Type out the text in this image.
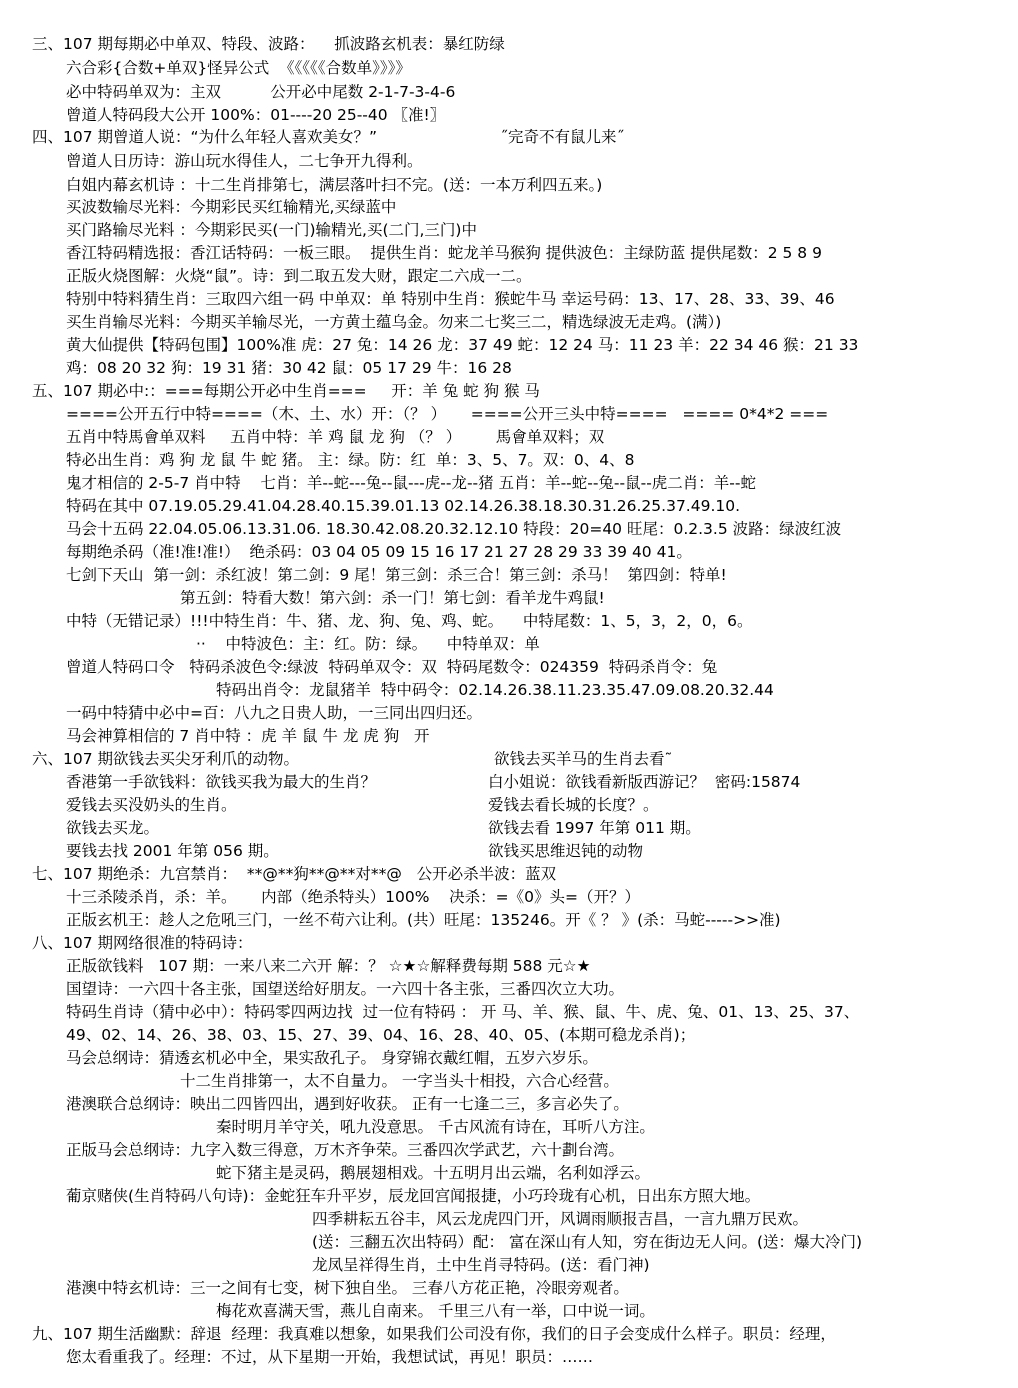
三、107 期每期必中单双、特段、波路：    抓波路玄机表：暴红防绿
六合彩{合数+单双}怪异公式  《《《《《合数单》》》》
必中特码单双为：主双          公开必中尾数 2-1-7-3-4-6
曾道人特码段大公开 100%：01----20 25--40 〖准!〗
四、107 期曾道人说：“为什么年轻人喜欢美女？”                         ˝完奇不有鼠儿来˝
曾道人日历诗：游山玩水得佳人，二七争开九得利。
白姐内幕玄机诗 ：十二生肖排第七，满层落叶扫不完。(送：一本万利四五来。)
买波数输尽光料：今期彩民买红输精光,买绿蓝中
买门路输尽光料 ：今期彩民买(一门)输精光,买(二门,三门)中
香江特码精选报：香江话特码：一板三眼。  提供生肖：蛇龙羊马猴狗 提供波色：主绿防蓝 提供尾数：2 5 8 9
正版火烧图解：火烧“鼠”。诗：到二取五发大财，跟定二六成一二。
特别中特料猜生肖：三取四六组一码 中单双：单 特别中生肖：猴蛇牛马 幸运号码：13、17、28、33、39、46
买生肖输尽光料：今期买羊输尽光，一方黄土蕴乌金。勿来二七奖三二，精选绿波无走鸡。(满）)
黄大仙提供【特码包围】100%准 虎：27 兔：14 26 龙：37 49 蛇：12 24 马：11 23 羊：22 34 46 猴：21 33
鸡：08 20 32 狗：19 31 猪：30 42 鼠：05 17 29 牛：16 28
五、107 期必中:：===每期公开必中生肖===     开：羊 兔 蛇 狗 猴 马
====公开五行中特====（木、土、水）开：（？ ）     ====公开三头中特====   ==== 0*4*2 ===
五肖中特馬會单双料     五肖中特：羊 鸡 鼠 龙 狗 （？ ）       馬會单双料；双
特必出生肖：鸡 狗 龙 鼠 牛 蛇 猪。 主：绿。防：红  单：3、5、7。双：0、4、8
鬼才相信的 2-5-7 肖中特    七肖：羊--蛇---兔--鼠---虎--龙--猪 五肖：羊--蛇--兔--鼠--虎二肖：羊--蛇
特码在其中 07.19.05.29.41.04.28.40.15.39.01.13 02.14.26.38.18.30.31.26.25.37.49.10.
马会十五码 22.04.05.06.13.31.06. 18.30.42.08.20.32.12.10 特段：20=40 旺尾：0.2.3.5 波路：绿波红波
每期绝杀码（准!准!准!）  绝杀码：03 04 05 09 15 16 17 21 27 28 29 33 39 40 41。
七剑下天山  第一剑：杀红波！第二剑：9 尾！第三剑：杀三合！第三剑：杀马！  第四剑：特单!
第五剑：特看大数！第六剑：杀一门！第七剑：看羊龙牛鸡鼠!
中特（无错记录）!!!中特生肖：牛、猪、龙、狗、兔、鸡、蛇。    中特尾数：1、5，3，2，0，6。
··    中特波色：主：红。防：绿。    中特单双：单
曾道人特码口令   特码杀波色令:绿波  特码单双令：双  特码尾数令：024359  特码杀肖令：兔
特码出肖令：龙鼠猪羊  特中码令：02.14.26.38.11.23.35.47.09.08.20.32.44
一码中特猜中必中=百：八九之日贵人助，一三同出四归还。
马会神算相信的 7 肖中特 ：虎 羊 鼠 牛 龙 虎 狗   开
六、107 期欲钱去买尖牙利爪的动物。	欲钱去买羊马的生肖去看˜
香港第一手欲钱料：欲钱买我为最大的生肖？	白小姐说：欲钱看新版西游记？  密码:15874
爱钱去买没奶头的生肖。	爱钱去看长城的长度？。
欲钱去买龙。	欲钱去看 1997 年第 011 期。
要钱去找 2001 年第 056 期。	欲钱买思维迟钝的动物
七、107 期绝杀：九宫禁肖：  **@**狗**@**对**@   公开必杀半波：蓝双
十三杀陵杀肖，杀：羊。     内部（绝杀特头）100%    决杀：=《0》头=（开？）
正版玄机王：趁人之危吼三门，一丝不苟六让利。(共）旺尾：135246。开《 ？ 》(杀：马蛇----->>准)
八、107 期网络很准的特码诗：
正版欲钱料   107 期：一来八来二六开 解：？ ☆★☆解释费每期 588 元☆★
国望诗：一六四十各主张，国望送给好朋友。一六四十各主张，三番四次立大功。
特码生肖诗（猜中必中）：特码零四两边找  过一位有特码 ： 开 马、羊、猴、鼠、牛、虎、兔、01、13、25、37、
49、02、14、26、38、03、15、27、39、04、16、28、40、05、(本期可稳龙杀肖)；
马会总纲诗：猜透玄机必中全，果实敌孔子。 身穿锦衣戴红帽，五岁六岁乐。
十二生肖排第一，太不自量力。 一字当头十相投，六合心经营。
港澳联合总纲诗：映出二四皆四出，遇到好收获。 正有一七逢二三，多言必失了。
秦时明月羊守关，吼九没意思。 千古风流有诗在，耳听八方注。
正版马会总纲诗：九字入数三得意，万木齐争荣。三番四次学武艺，六十劃台湾。
蛇下猪主是灵码，鹅展翅相戏。十五明月出云端，名利如浮云。
葡京赌侠(生肖特码八句诗)：金蛇狂车升平岁，辰龙回宫闻报捷，小巧玲珑有心机，日出东方照大地。
四季耕耘五谷丰，风云龙虎四门开，风调雨顺报吉昌，一言九鼎万民欢。
(送：三翻五次出特码）配： 富在深山有人知，穷在街边无人问。(送：爆大冷门)
龙凤呈祥得生肖，土中生肖寻特码。(送：看门神)
港澳中特玄机诗：三一之间有七变，树下独自坐。 三春八方花正艳，冷眼旁观者。
梅花欢喜满天雪，燕儿自南来。 千里三八有一举，口中说一词。
九、107 期生活幽默：辞退  经理：我真难以想象，如果我们公司没有你，我们的日子会变成什么样子。职员：经理，
您太看重我了。经理：不过，从下星期一开始，我想试试，再见！职员：……
